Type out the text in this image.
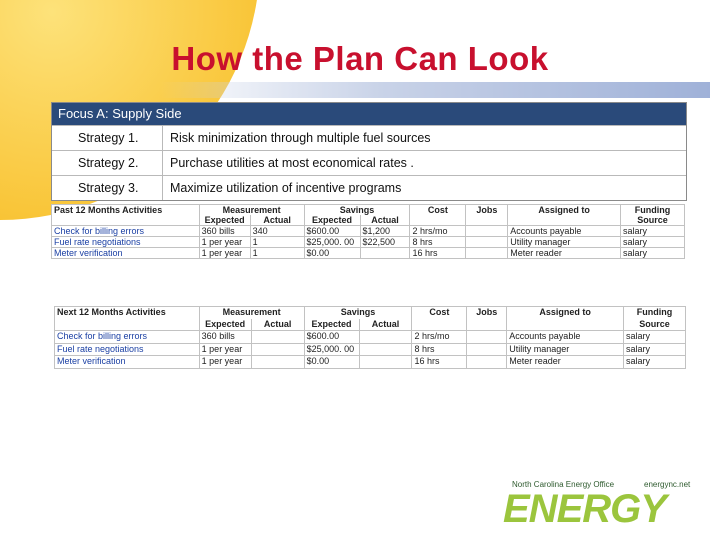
How the Plan Can Look
Focus A: Supply Side
Strategy 1.	Risk minimization through multiple fuel sources
Strategy 2.	Purchase utilities at most economical rates .
Strategy 3.	Maximize utilization of incentive programs
Past 12 Months Activities	Measurement		Savings		Cost	Jobs	Assigned to	Funding
	Expected	Actual	Expected	Actual				Source
Check for billing errors	360 bills	340	$600.00	$1,200	2 hrs/mo		Accounts payable	salary
Fuel rate negotiations	1 per year	1	$25,000. 00	$22,500	8 hrs		Utility manager	salary
Meter verification	1 per year	1	$0.00		16 hrs		Meter reader	salary
Next 12 Months Activities	Measurement		Savings		Cost	Jobs	Assigned to	Funding
	Expected	Actual	Expected	Actual				Source
Check for billing errors	360 bills		$600.00		2 hrs/mo		Accounts payable	salary
Fuel rate negotiations	1 per year		$25,000. 00		8 hrs		Utility manager	salary
Meter verification	1 per year		$0.00		16 hrs		Meter reader	salary
North Carolina Energy Office	energync.net
ENERGY
